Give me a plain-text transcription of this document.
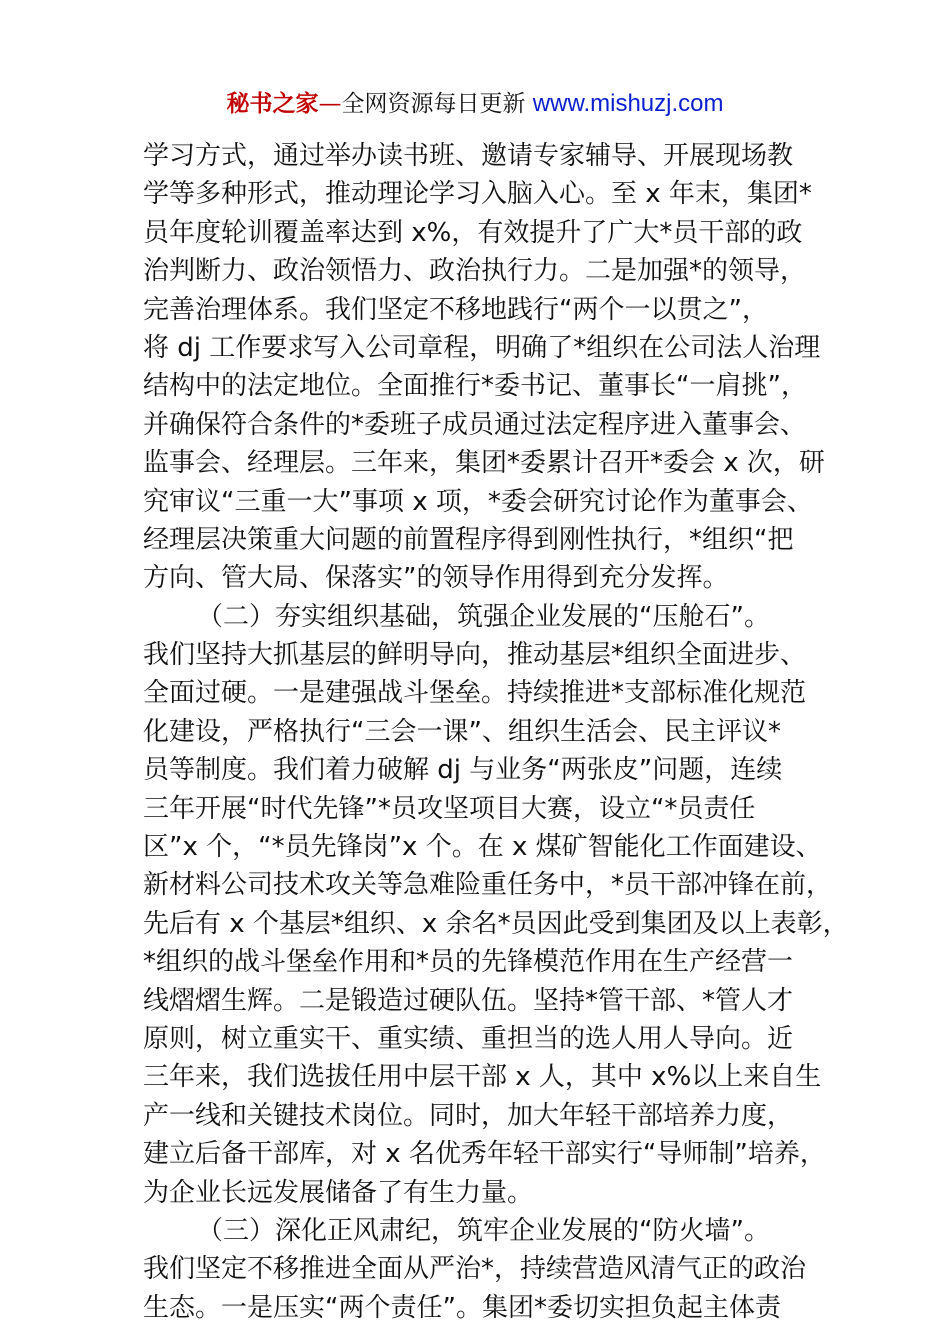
秘书之家—全网资源每日更新 www.mishuzj.com
学习方式，通过举办读书班、邀请专家辅导、开展现场教
学等多种形式，推动理论学习入脑入心。至 x 年末，集团*
员年度轮训覆盖率达到 x%，有效提升了广大*员干部的政
治判断力、政治领悟力、政治执行力。二是加强*的领导，
完善治理体系。我们坚定不移地践行“两个一以贯之”，
将 dj 工作要求写入公司章程，明确了*组织在公司法人治理
结构中的法定地位。全面推行*委书记、董事长“一肩挑”，
并确保符合条件的*委班子成员通过法定程序进入董事会、
监事会、经理层。三年来，集团*委累计召开*委会 x 次，研
究审议“三重一大”事项 x 项，*委会研究讨论作为董事会、
经理层决策重大问题的前置程序得到刚性执行，*组织“把
方向、管大局、保落实”的领导作用得到充分发挥。
（二）夯实组织基础，筑强企业发展的“压舱石”。
我们坚持大抓基层的鲜明导向，推动基层*组织全面进步、
全面过硬。一是建强战斗堡垒。持续推进*支部标准化规范
化建设，严格执行“三会一课”、组织生活会、民主评议*
员等制度。我们着力破解 dj 与业务“两张皮”问题，连续
三年开展“时代先锋”*员攻坚项目大赛，设立“*员责任
区”x 个，“*员先锋岗”x 个。在 x 煤矿智能化工作面建设、
新材料公司技术攻关等急难险重任务中，*员干部冲锋在前，
先后有 x 个基层*组织、x 余名*员因此受到集团及以上表彰，
*组织的战斗堡垒作用和*员的先锋模范作用在生产经营一
线熠熠生辉。二是锻造过硬队伍。坚持*管干部、*管人才
原则，树立重实干、重实绩、重担当的选人用人导向。近
三年来，我们选拔任用中层干部 x 人，其中 x%以上来自生
产一线和关键技术岗位。同时，加大年轻干部培养力度，
建立后备干部库，对 x 名优秀年轻干部实行“导师制”培养，
为企业长远发展储备了有生力量。
（三）深化正风肃纪，筑牢企业发展的“防火墙”。
我们坚定不移推进全面从严治*，持续营造风清气正的政治
生态。一是压实“两个责任”。集团*委切实担负起主体责
